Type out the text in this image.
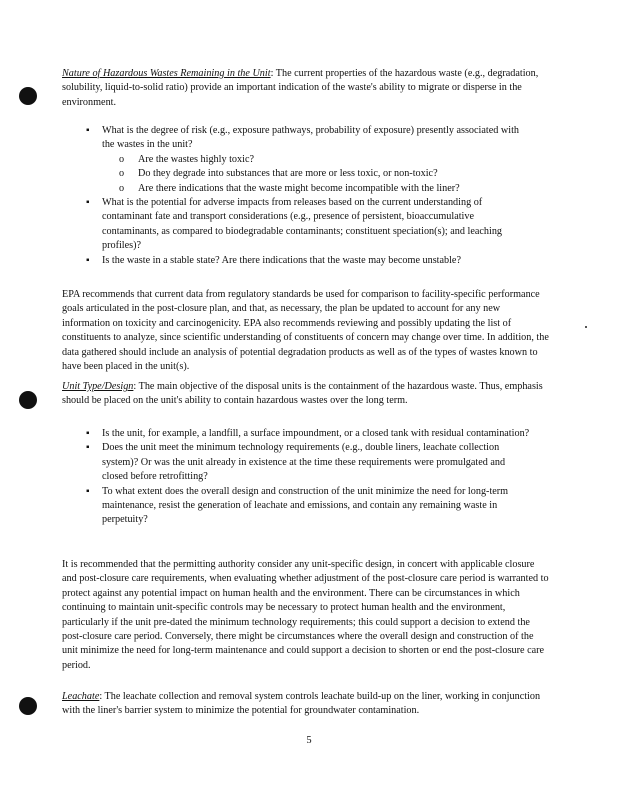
Nature of Hazardous Wastes Remaining in the Unit: The current properties of the hazardous waste (e.g., degradation, solubility, liquid-to-solid ratio) provide an important indication of the waste's ability to migrate or disperse in the environment.

▪ What is the degree of risk (e.g., exposure pathways, probability of exposure) presently associated with the wastes in the unit?
o Are the wastes highly toxic?
o Do they degrade into substances that are more or less toxic, or non-toxic?
o Are there indications that the waste might become incompatible with the liner?
▪ What is the potential for adverse impacts from releases based on the current understanding of contaminant fate and transport considerations (e.g., presence of persistent, bioaccumulative contaminants, as compared to biodegradable contaminants; constituent speciation(s); and leaching profiles)?
▪ Is the waste in a stable state? Are there indications that the waste may become unstable?

EPA recommends that current data from regulatory standards be used for comparison to facility-specific performance goals articulated in the post-closure plan, and that, as necessary, the plan be updated to account for any new information on toxicity and carcinogenicity. EPA also recommends reviewing and possibly updating the list of constituents to analyze, since scientific understanding of constituents of concern may change over time. In addition, the data gathered should include an analysis of potential degradation products as well as of the types of wastes known to have been placed in the unit(s).

Unit Type/Design: The main objective of the disposal units is the containment of the hazardous waste. Thus, emphasis should be placed on the unit's ability to contain hazardous wastes over the long term.

▪ Is the unit, for example, a landfill, a surface impoundment, or a closed tank with residual contamination?
▪ Does the unit meet the minimum technology requirements (e.g., double liners, leachate collection system)? Or was the unit already in existence at the time these requirements were promulgated and closed before retrofitting?
▪ To what extent does the overall design and construction of the unit minimize the need for long-term maintenance, resist the generation of leachate and emissions, and contain any remaining waste in perpetuity?

It is recommended that the permitting authority consider any unit-specific design, in concert with applicable closure and post-closure care requirements, when evaluating whether adjustment of the post-closure care period is warranted to protect against any potential impact on human health and the environment. There can be circumstances in which continuing to maintain unit-specific controls may be necessary to protect human health and the environment, particularly if the unit pre-dated the minimum technology requirements; this could support a decision to extend the post-closure care period. Conversely, there might be circumstances where the overall design and construction of the unit minimize the need for long-term maintenance and could support a decision to shorten or end the post-closure care period.

Leachate: The leachate collection and removal system controls leachate build-up on the liner, working in conjunction with the liner's barrier system to minimize the potential for groundwater contamination.

5
